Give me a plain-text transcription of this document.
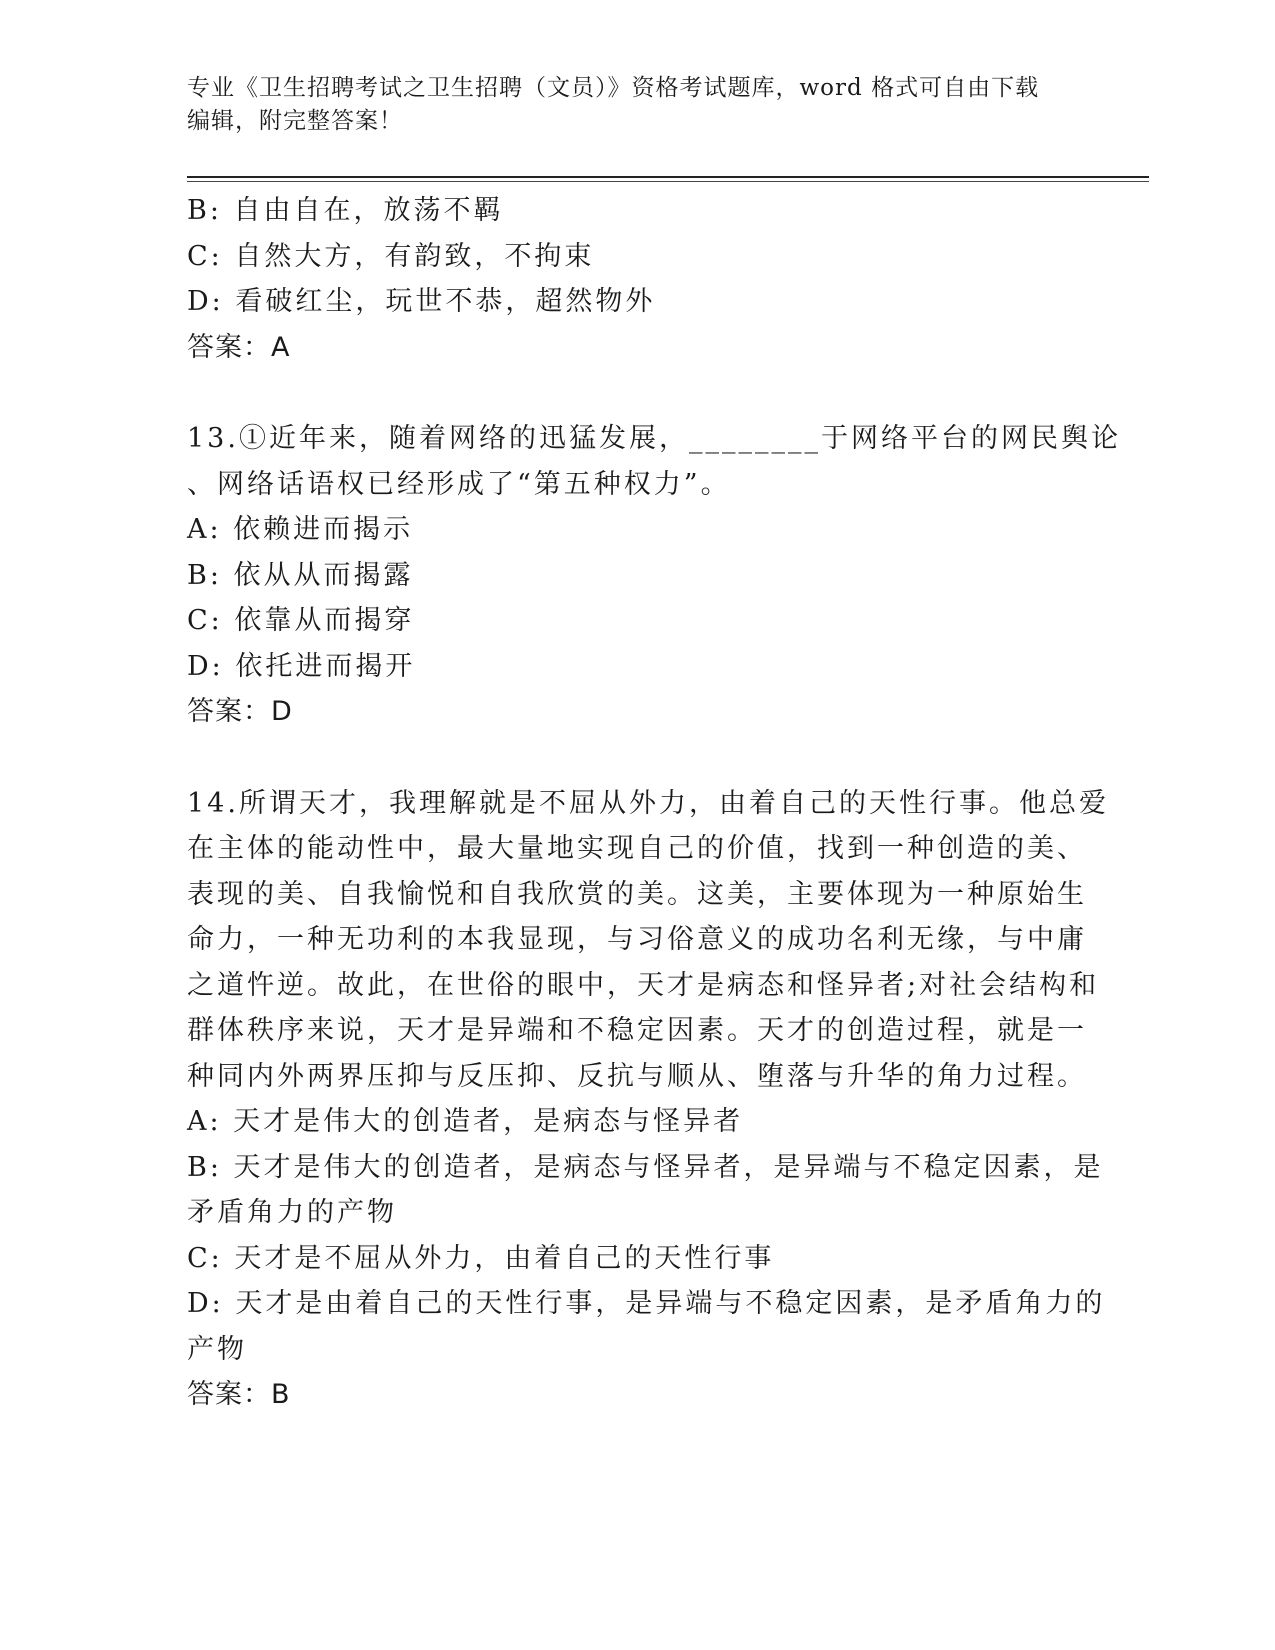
专业《卫生招聘考试之卫生招聘（文员）》资格考试题库，word 格式可自由下载
编辑，附完整答案！
B: 自由自在，放荡不羁
C: 自然大方，有韵致，不拘束
D: 看破红尘，玩世不恭，超然物外
答案：A
13.①近年来，随着网络的迅猛发展，________于网络平台的网民舆论
、网络话语权已经形成了“第五种权力”。
A: 依赖进而揭示
B: 依从从而揭露
C: 依靠从而揭穿
D: 依托进而揭开
答案：D
14.所谓天才，我理解就是不屈从外力，由着自己的天性行事。他总爱
在主体的能动性中，最大量地实现自己的价值，找到一种创造的美、
表现的美、自我愉悦和自我欣赏的美。这美，主要体现为一种原始生
命力，一种无功利的本我显现，与习俗意义的成功名利无缘，与中庸
之道忤逆。故此，在世俗的眼中，天才是病态和怪异者;对社会结构和
群体秩序来说，天才是异端和不稳定因素。天才的创造过程，就是一
种同内外两界压抑与反压抑、反抗与顺从、堕落与升华的角力过程。
A: 天才是伟大的创造者，是病态与怪异者
B: 天才是伟大的创造者，是病态与怪异者，是异端与不稳定因素，是
矛盾角力的产物
C: 天才是不屈从外力，由着自己的天性行事
D: 天才是由着自己的天性行事，是异端与不稳定因素，是矛盾角力的
产物
答案：B
